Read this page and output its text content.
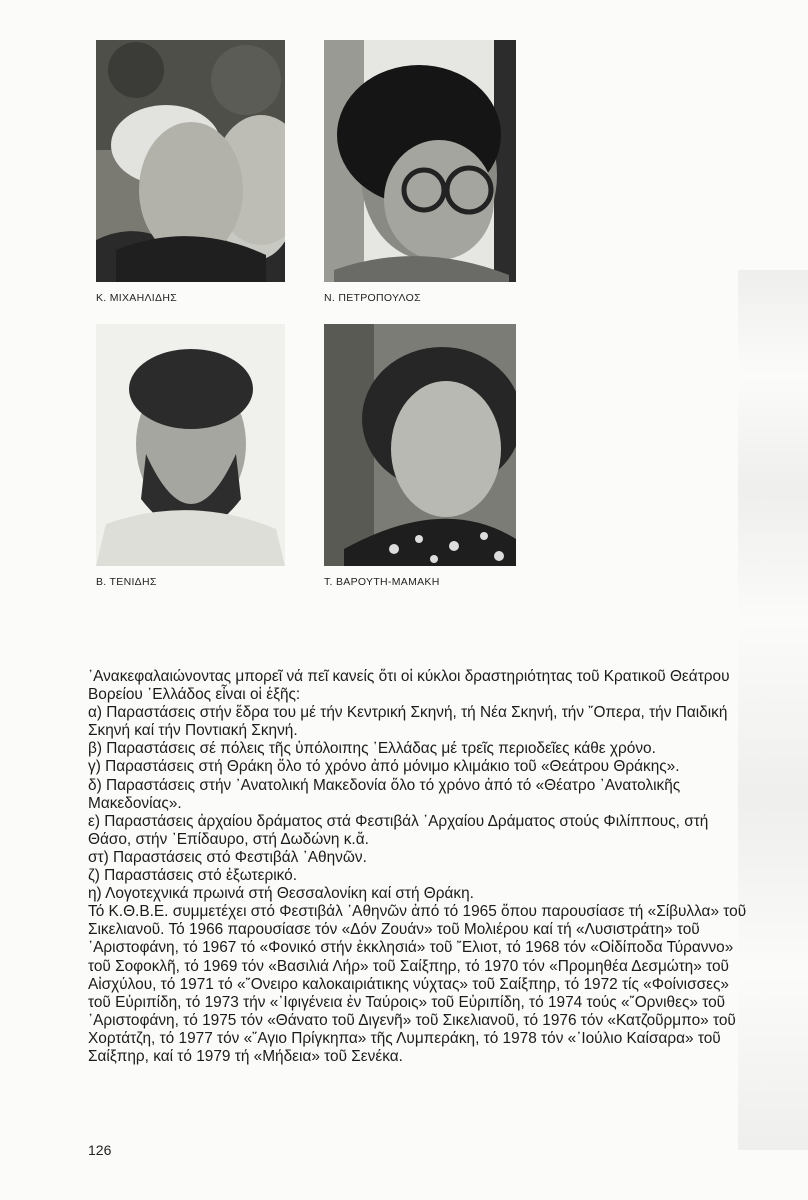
Κ. ΜΙΧΑΗΛΙΔΗΣ	Ν. ΠΕΤΡΟΠΟΥΛΟΣ
Β. ΤΕΝΙΔΗΣ	Τ. ΒΑΡΟΥΤΗ-ΜΑΜΑΚΗ

᾿Ανακεφαλαιώνοντας μπορεῖ νά πεῖ κανείς ὅτι οἱ κύκλοι δραστηριότητας τοῦ Κρατικοῦ Θεάτρου Βορείου ῾Ελλάδος εἶναι οἱ ἑξῆς:

α) Παραστάσεις στήν ἕδρα του μέ τήν Κεντρική Σκηνή, τή Νέα Σκηνή, τήν ῎Οπερα, τήν Παιδική Σκηνή καί τήν Ποντιακή Σκηνή.

β) Παραστάσεις σέ πόλεις τῆς ὑπόλοιπης ῾Ελλάδας μέ τρεῖς περιοδεῖες κάθε χρόνο.

γ) Παραστάσεις στή Θράκη ὅλο τό χρόνο ἀπό μόνιμο κλιμάκιο τοῦ «Θεάτρου Θράκης».

δ) Παραστάσεις στήν ᾿Ανατολική Μακεδονία ὅλο τό χρόνο ἀπό τό «Θέατρο ᾿Ανατολικῆς Μακεδονίας».

ε) Παραστάσεις ἀρχαίου δράματος στά Φεστιβάλ ᾿Αρχαίου Δράματος στούς Φιλίππους, στή Θάσο, στήν ᾿Επίδαυρο, στή Δωδώνη κ.ἄ.

στ) Παραστάσεις στό Φεστιβάλ ᾿Αθηνῶν.

ζ) Παραστάσεις στό ἐξωτερικό.

η) Λογοτεχνικά πρωινά στή Θεσσαλονίκη καί στή Θράκη.

Τό Κ.Θ.Β.Ε. συμμετέχει στό Φεστιβάλ ᾿Αθηνῶν ἀπό τό 1965 ὅπου παρουσίασε τή «Σίβυλλα» τοῦ Σικελιανοῦ. Τό 1966 παρουσίασε τόν «Δόν Ζουάν» τοῦ Μολιέρου καί τή «Λυσιστράτη» τοῦ ᾿Αριστοφάνη, τό 1967 τό «Φονικό στήν ἐκκλησιά» τοῦ ῎Ελιοτ, τό 1968 τόν «Οἰδίποδα Τύραννο» τοῦ Σοφοκλῆ, τό 1969 τόν «Βασιλιά Λήρ» τοῦ Σαίξπηρ, τό 1970 τόν «Προμηθέα Δεσμώτη» τοῦ Αἰσχύλου, τό 1971 τό «῎Ονειρο καλοκαιριάτικης νύχτας» τοῦ Σαίξπηρ, τό 1972 τίς «Φοίνισσες» τοῦ Εὐριπίδη, τό 1973 τήν «᾿Ιφιγένεια ἐν Ταύροις» τοῦ Εὐριπίδη, τό 1974 τούς «῎Ορνιθες» τοῦ ᾿Αριστοφάνη, τό 1975 τόν «Θάνατο τοῦ Διγενῆ» τοῦ Σικελιανοῦ, τό 1976 τόν «Κατζοῦρμπο» τοῦ Χορτάτζη, τό 1977 τόν «῞Αγιο Πρίγκηπα» τῆς Λυμπεράκη, τό 1978 τόν «᾿Ιούλιο Καίσαρα» τοῦ Σαίξπηρ, καί τό 1979 τή «Μήδεια» τοῦ Σενέκα.

126
